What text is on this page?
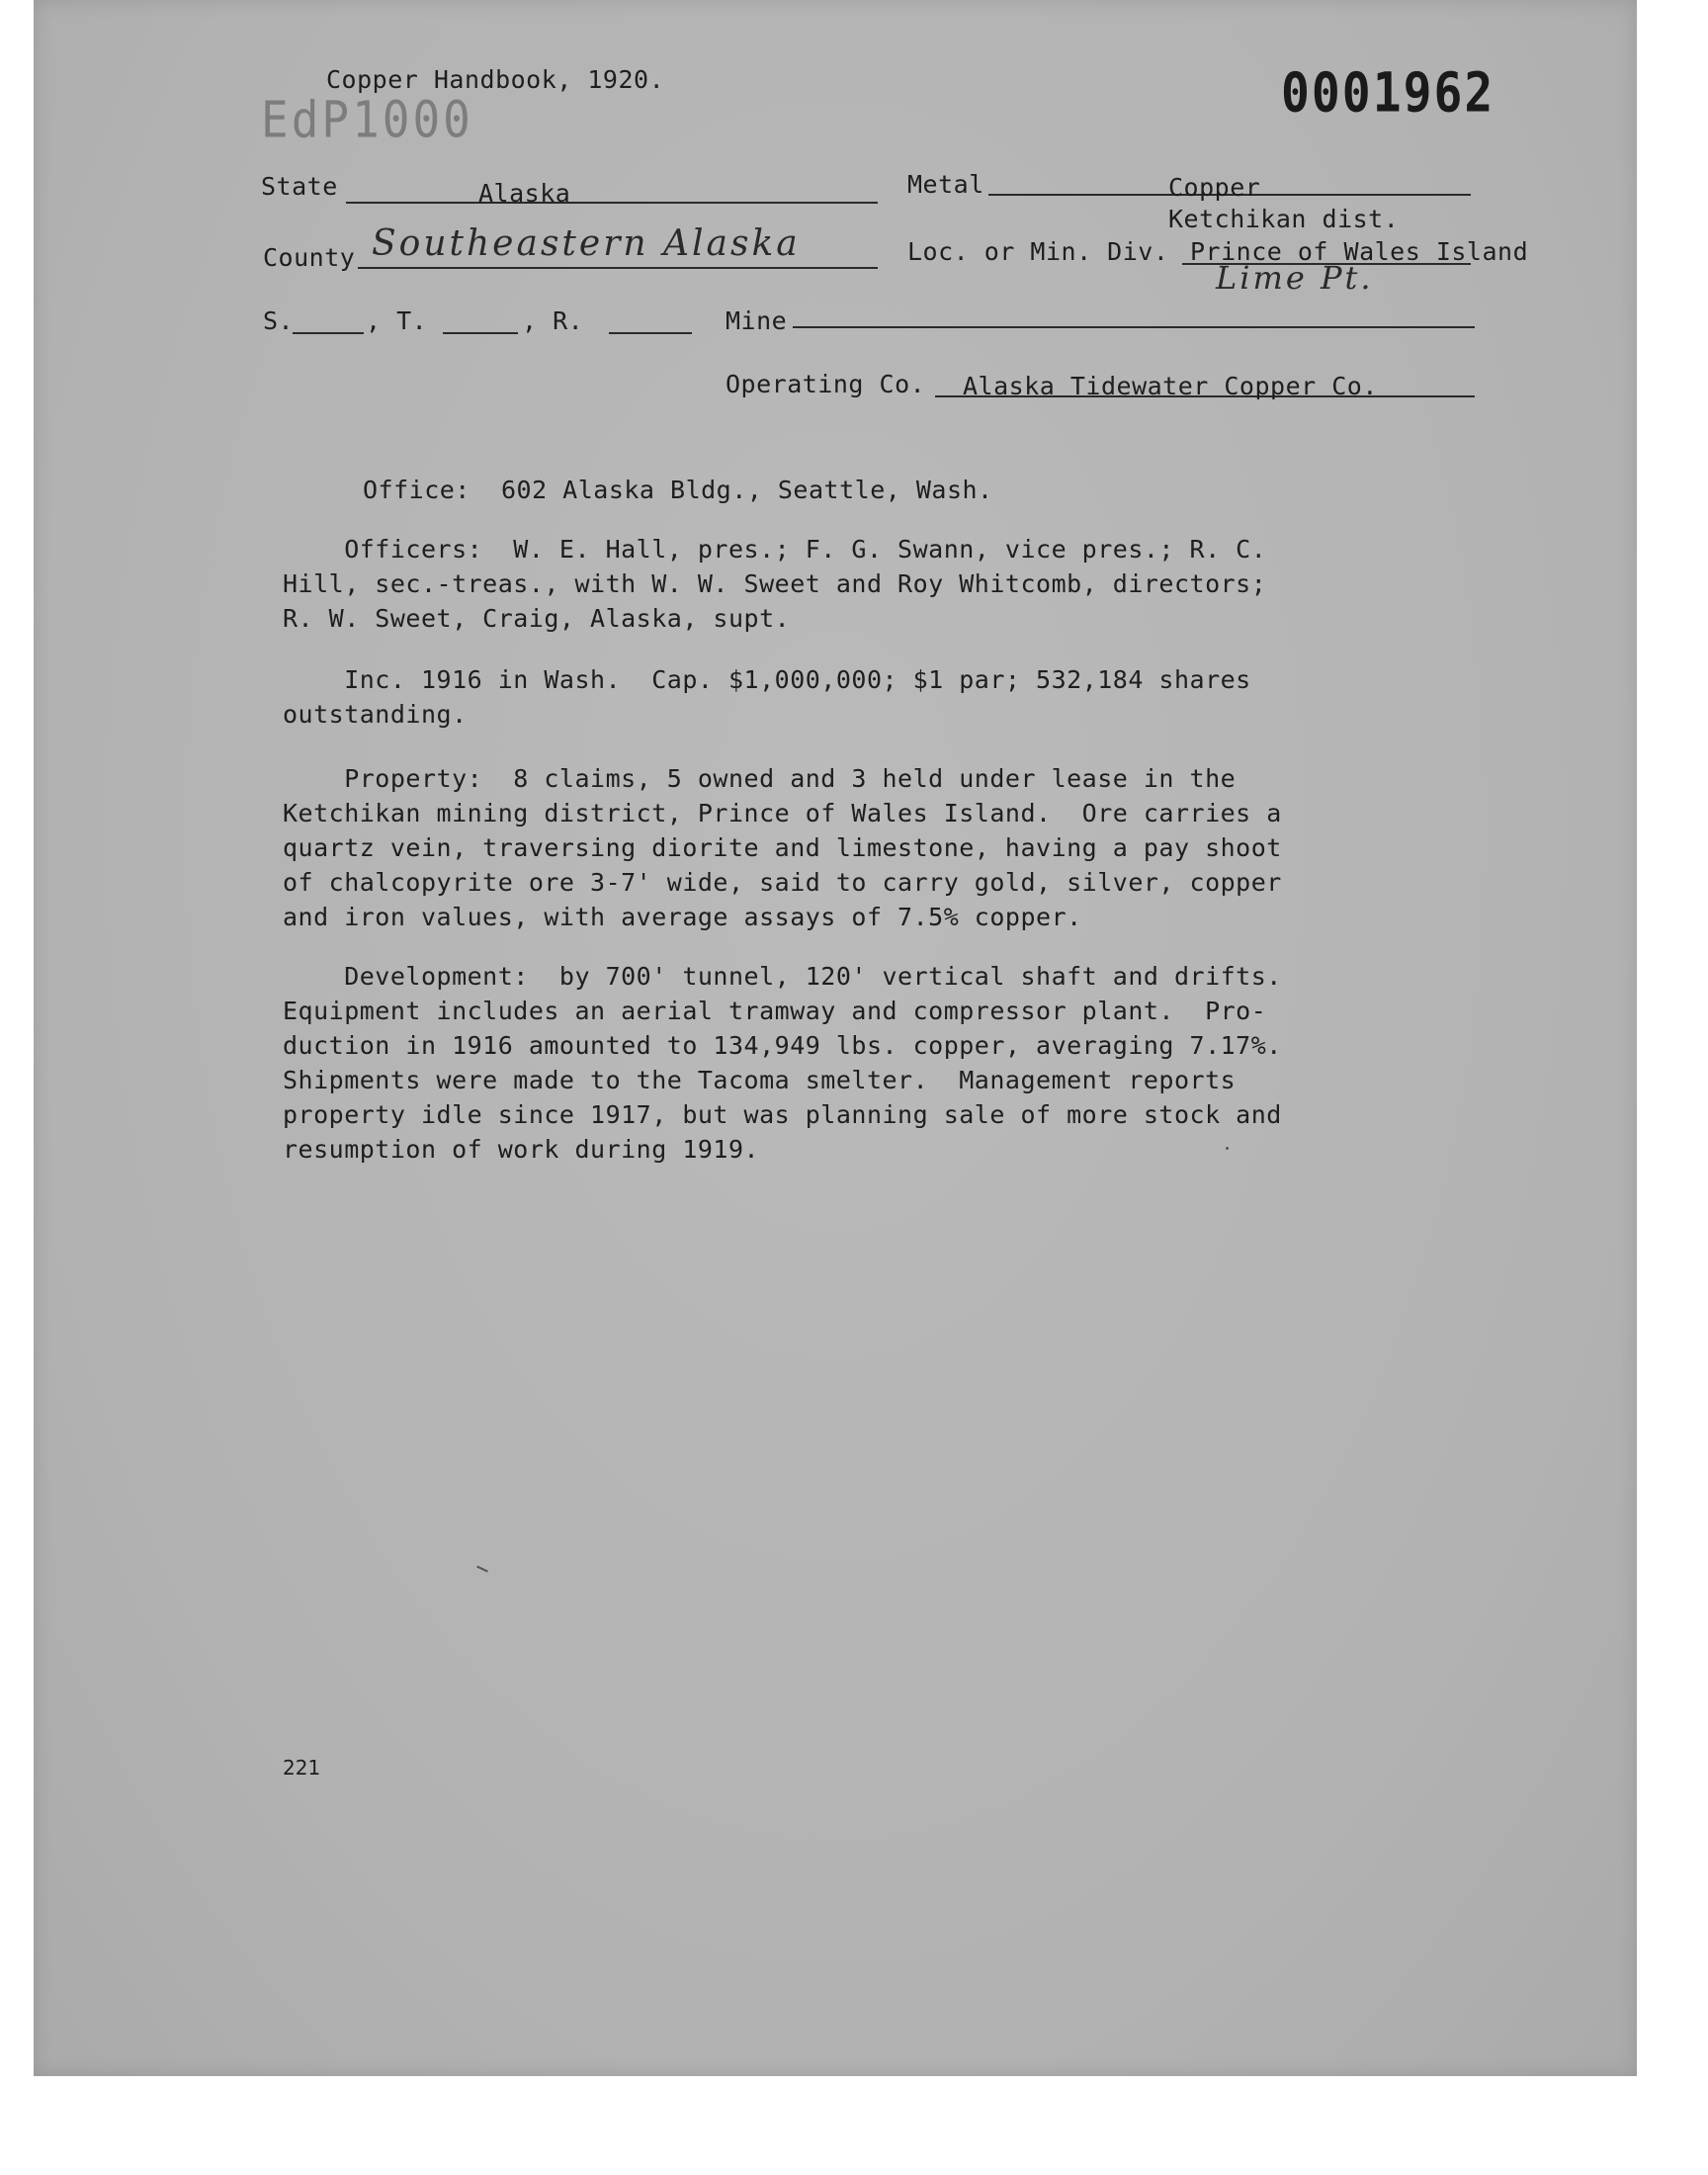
Copper Handbook, 1920.
EdP1000	0001962
State	Alaska	Metal	Copper
Ketchikan dist.
County Southeastern Alaska	Loc. or Min. Div. Prince of Wales Island
Lime Pt.
S.	, T.	, R.	Mine
Operating Co. Alaska Tidewater Copper Co.
Office:  602 Alaska Bldg., Seattle, Wash.
Officers:  W. E. Hall, pres.; F. G. Swann, vice pres.; R. C.
Hill, sec.-treas., with W. W. Sweet and Roy Whitcomb, directors;
R. W. Sweet, Craig, Alaska, supt.
Inc. 1916 in Wash.  Cap. $1,000,000; $1 par; 532,184 shares
outstanding.
Property:  8 claims, 5 owned and 3 held under lease in the
Ketchikan mining district, Prince of Wales Island.  Ore carries a
quartz vein, traversing diorite and limestone, having a pay shoot
of chalcopyrite ore 3-7' wide, said to carry gold, silver, copper
and iron values, with average assays of 7.5% copper.
Development:  by 700' tunnel, 120' vertical shaft and drifts.
Equipment includes an aerial tramway and compressor plant.  Pro-
duction in 1916 amounted to 134,949 lbs. copper, averaging 7.17%.
Shipments were made to the Tacoma smelter.  Management reports
property idle since 1917, but was planning sale of more stock and
resumption of work during 1919.
221
